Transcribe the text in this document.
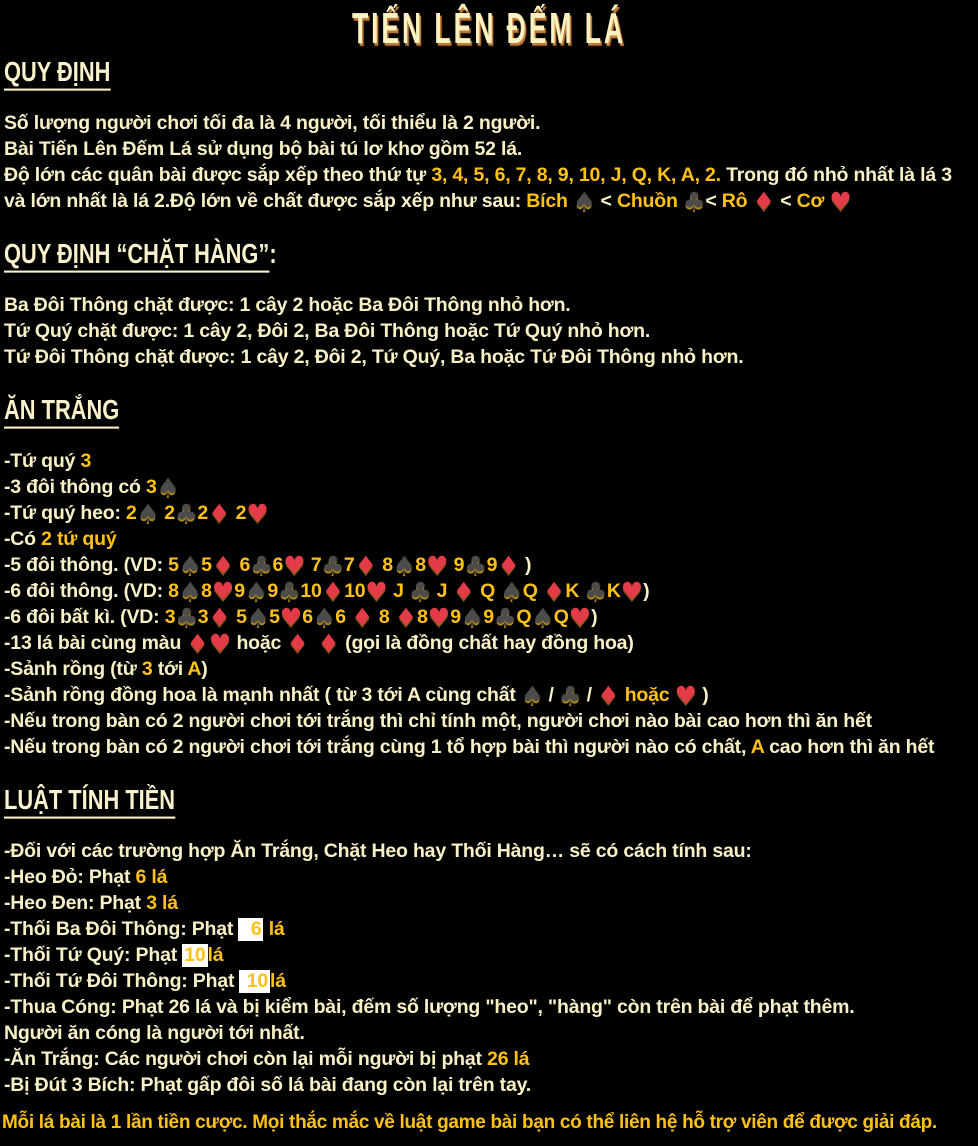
TIẾN LÊN ĐẾM LÁ
QUY ĐỊNH
Số lượng người chơi tối đa là 4 người, tối thiểu là 2 người.
Bài Tiến Lên Đếm Lá sử dụng bộ bài tú lơ khơ gồm 52 lá.
Độ lớn các quân bài được sắp xếp theo thứ tự 3, 4, 5, 6, 7, 8, 9, 10, J, Q, K, A, 2. Trong đó nhỏ nhất là lá 3
và lớn nhất là lá 2.Độ lớn về chất được sắp xếp như sau: Bích ♠ < Chuồn ♣< Rô ♦ < Cơ ♥
QUY ĐỊNH “CHẶT HÀNG”:
Ba Đôi Thông chặt được: 1 cây 2 hoặc Ba Đôi Thông nhỏ hơn.
Tứ Quý chặt được: 1 cây 2, Đôi 2, Ba Đôi Thông hoặc Tứ Quý nhỏ hơn.
Tứ Đôi Thông chặt được: 1 cây 2, Đôi 2, Tứ Quý, Ba hoặc Tứ Đôi Thông nhỏ hơn.
ĂN TRẮNG
-Tứ quý 3
-3 đôi thông có 3♠
-Tứ quý heo: 2♠ 2♣2♦ 2♥
-Có 2 tứ quý
-5 đôi thông. (VD: 5♠5♦ 6♣6♥ 7♣7♦ 8♠8♥ 9♣9♦ )
-6 đôi thông. (VD: 8♠8♥9♠9♣10♦10♥ J ♣ J ♦ Q ♠Q ♦K ♣K♥)
-6 đôi bất kì. (VD: 3♣3♦ 5♠5♥6♠6 ♦ 8 ♦8♥9♠9♣Q♠Q♥)
-13 lá bài cùng màu ♦♥ hoặc ♦ ♦ (gọi là đồng chất hay đồng hoa)
-Sảnh rồng (từ 3 tới A)
-Sảnh rồng đồng hoa là mạnh nhất ( từ 3 tới A cùng chất ♠ / ♣ / ♦ hoặc ♥ )
-Nếu trong bàn có 2 người chơi tới trắng thì chỉ tính một, người chơi nào bài cao hơn thì ăn hết
-Nếu trong bàn có 2 người chơi tới trắng cùng 1 tổ hợp bài thì người nào có chất, A cao hơn thì ăn hết
LUẬT TÍNH TIỀN
-Đối với các trường hợp Ăn Trắng, Chặt Heo hay Thối Hàng… sẽ có cách tính sau:
-Heo Đỏ: Phạt 6 lá
-Heo Đen: Phạt 3 lá
-Thối Ba Đôi Thông: Phạt   6 lá
-Thối Tứ Quý: Phạt 10 lá
-Thối Tứ Đôi Thông: Phạt  10 lá
-Thua Cóng: Phạt 26 lá và bị kiểm bài, đếm số lượng "heo", "hàng" còn trên bài để phạt thêm.
Người ăn cóng là người tới nhất.
-Ăn Trắng: Các người chơi còn lại mỗi người bị phạt 26 lá
-Bị Đút 3 Bích: Phạt gấp đôi số lá bài đang còn lại trên tay.
Mỗi lá bài là 1 lần tiền cược. Mọi thắc mắc về luật game bài bạn có thể liên hệ hỗ trợ viên để được giải đáp.
